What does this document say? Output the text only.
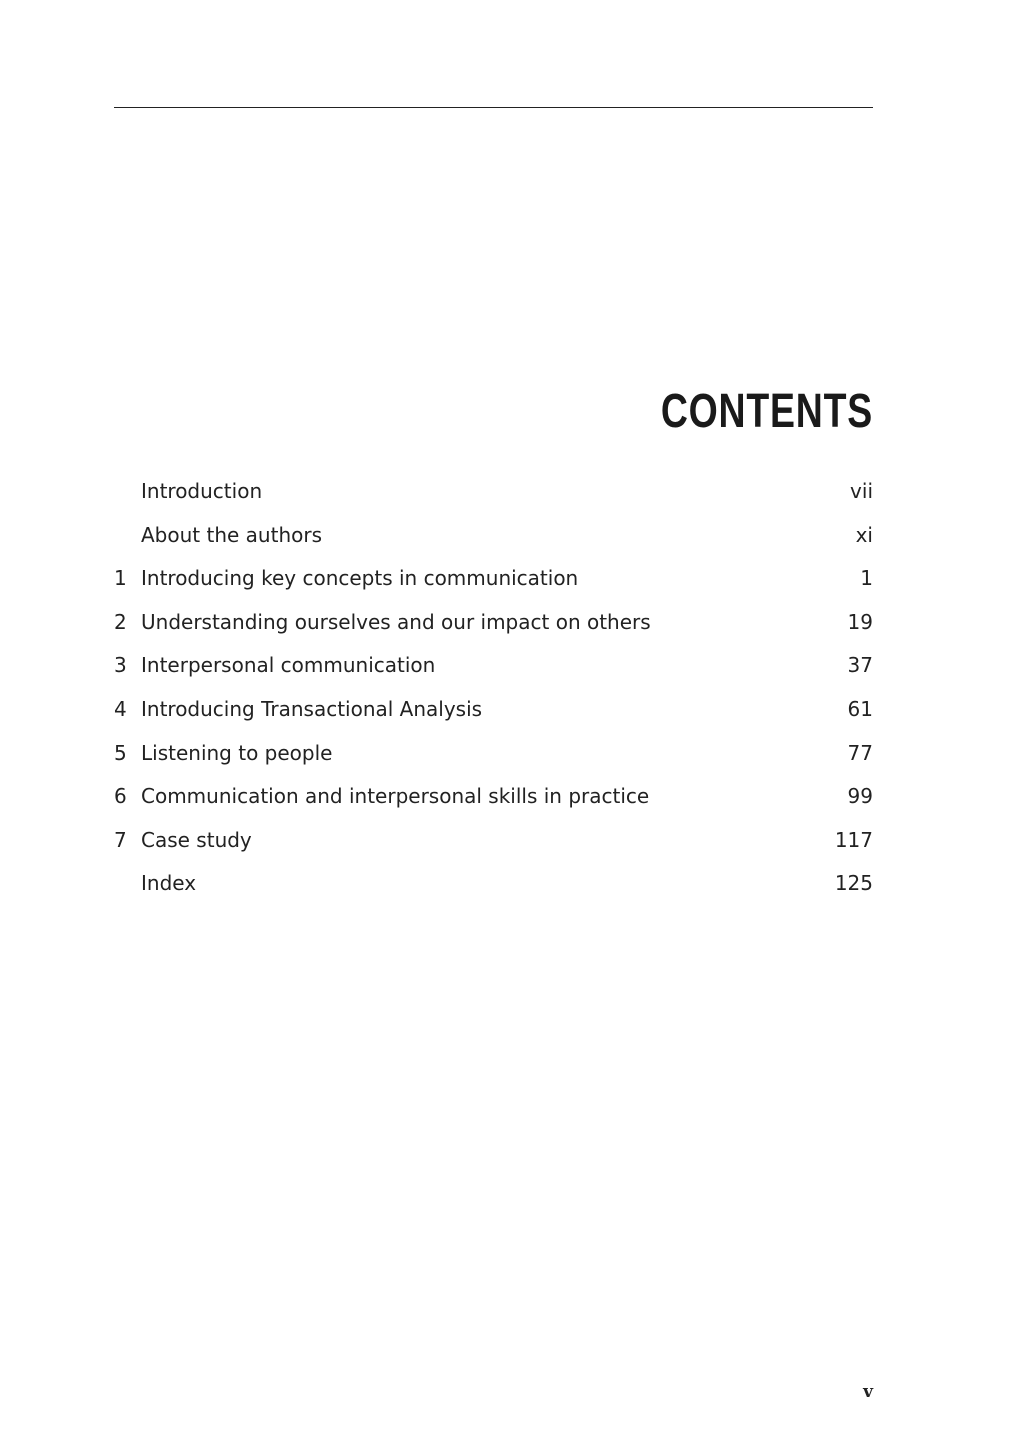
CONTENTS
Introduction	vii
About the authors	xi
1 Introducing key concepts in communication	1
2 Understanding ourselves and our impact on others	19
3 Interpersonal communication	37
4 Introducing Transactional Analysis	61
5 Listening to people	77
6 Communication and interpersonal skills in practice	99
7 Case study	117
Index	125
v
